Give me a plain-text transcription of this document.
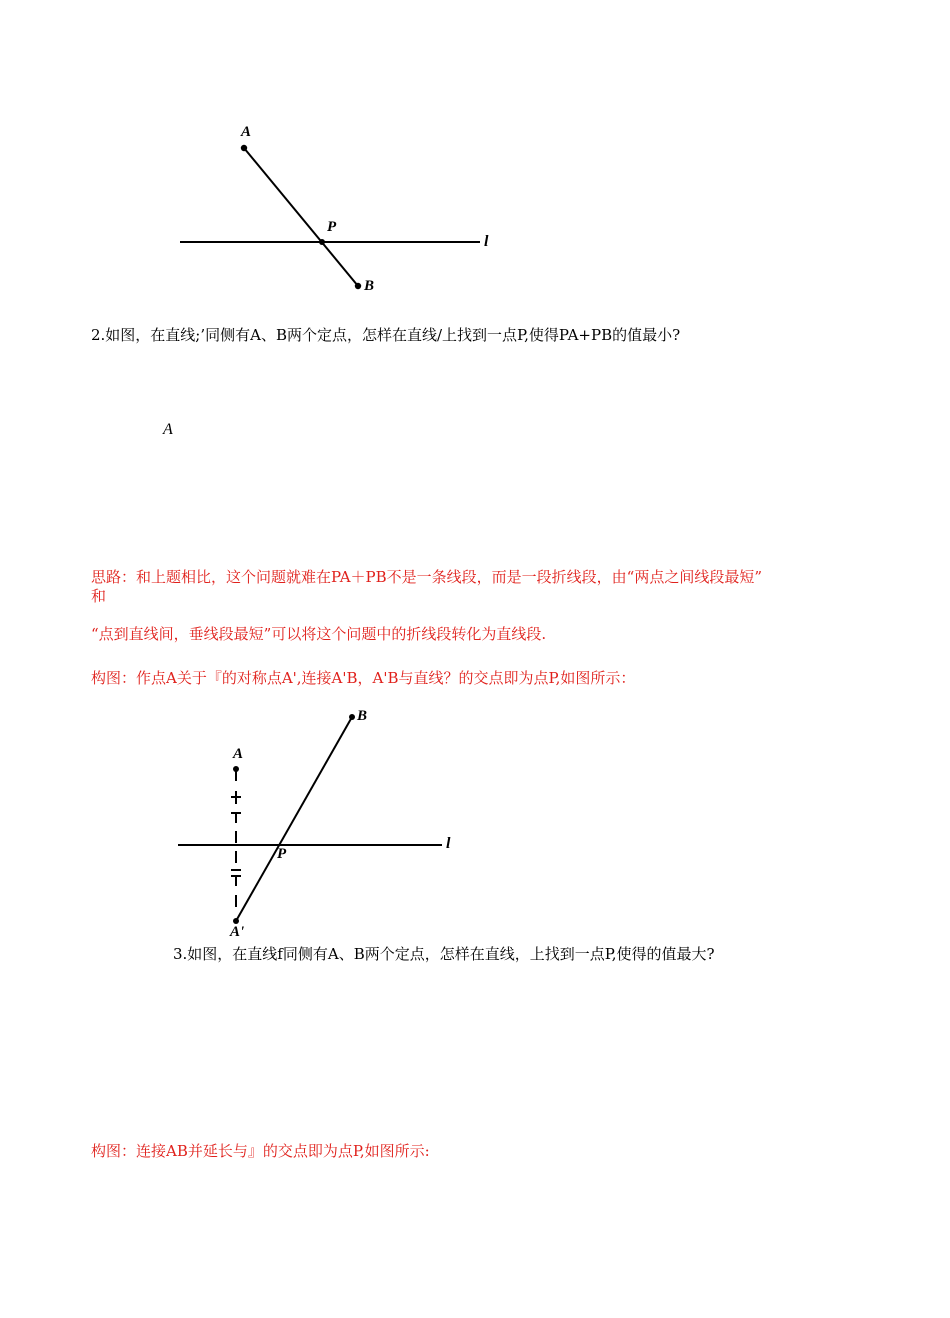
A
P
B
l
2.如图，在直线;’同侧有A、B两个定点，怎样在直线/上找到一点P,使得PA+PB的值最小?
A
思路：和上题相比，这个问题就难在PA＋PB不是一条线段，而是一段折线段，由“两点之间线段最短”
和
“点到直线间，垂线段最短”可以将这个问题中的折线段转化为直线段.
构图：作点A关于『的对称点A',连接A'B，A'B与直线？的交点即为点P,如图所示：
A
B
P
l
A'
3.如图，在直线f同侧有A、B两个定点，怎样在直线，上找到一点P,使得的值最大?
构图：连接AB并延长与』的交点即为点P,如图所示:
